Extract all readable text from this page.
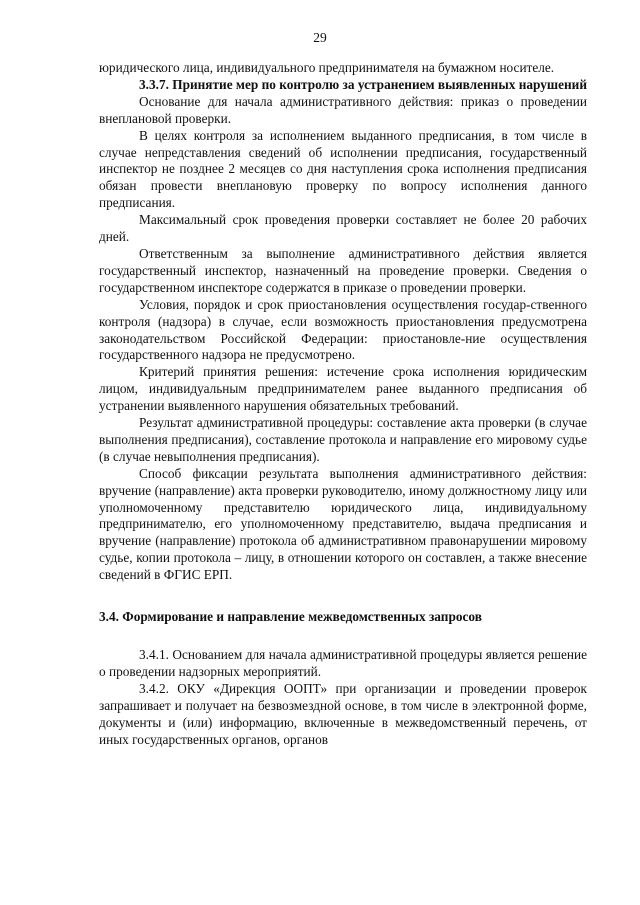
29

юридического лица, индивидуального предпринимателя на бумажном носителе.

3.3.7. Принятие мер по контролю за устранением выявленных нарушений

Основание для начала административного действия: приказ о проведении внеплановой проверки.

В целях контроля за исполнением выданного предписания, в том числе в случае непредставления сведений об исполнении предписания, государственный инспектор не позднее 2 месяцев со дня наступления срока исполнения предписания обязан провести внеплановую проверку по вопросу исполнения данного предписания.

Максимальный срок проведения проверки составляет не более 20 рабочих дней.

Ответственным за выполнение административного действия является государственный инспектор, назначенный на проведение проверки. Сведения о государственном инспекторе содержатся в приказе о проведении проверки.

Условия, порядок и срок приостановления осуществления государ-ственного контроля (надзора) в случае, если возможность приостановления предусмотрена законодательством Российской Федерации: приостановле-ние осуществления государственного надзора не предусмотрено.

Критерий принятия решения: истечение срока исполнения юридическим лицом, индивидуальным предпринимателем ранее выданного предписания об устранении выявленного нарушения обязательных требований.

Результат административной процедуры: составление акта проверки (в случае выполнения предписания), составление протокола и направление его мировому судье (в случае невыполнения предписания).

Способ фиксации результата выполнения административного действия: вручение (направление) акта проверки руководителю, иному должностному лицу или уполномоченному представителю юридического лица, индивидуальному предпринимателю, его уполномоченному представителю, выдача предписания и вручение (направление) протокола об административном правонарушении мировому судье, копии протокола – лицу, в отношении которого он составлен, а также внесение сведений в ФГИС ЕРП.

3.4. Формирование и направление межведомственных запросов

3.4.1. Основанием для начала административной процедуры является решение о проведении надзорных мероприятий.

3.4.2. ОКУ «Дирекция ООПТ» при организации и проведении проверок запрашивает и получает на безвозмездной основе, в том числе в электронной форме, документы и (или) информацию, включенные в межведомственный перечень, от иных государственных органов, органов
